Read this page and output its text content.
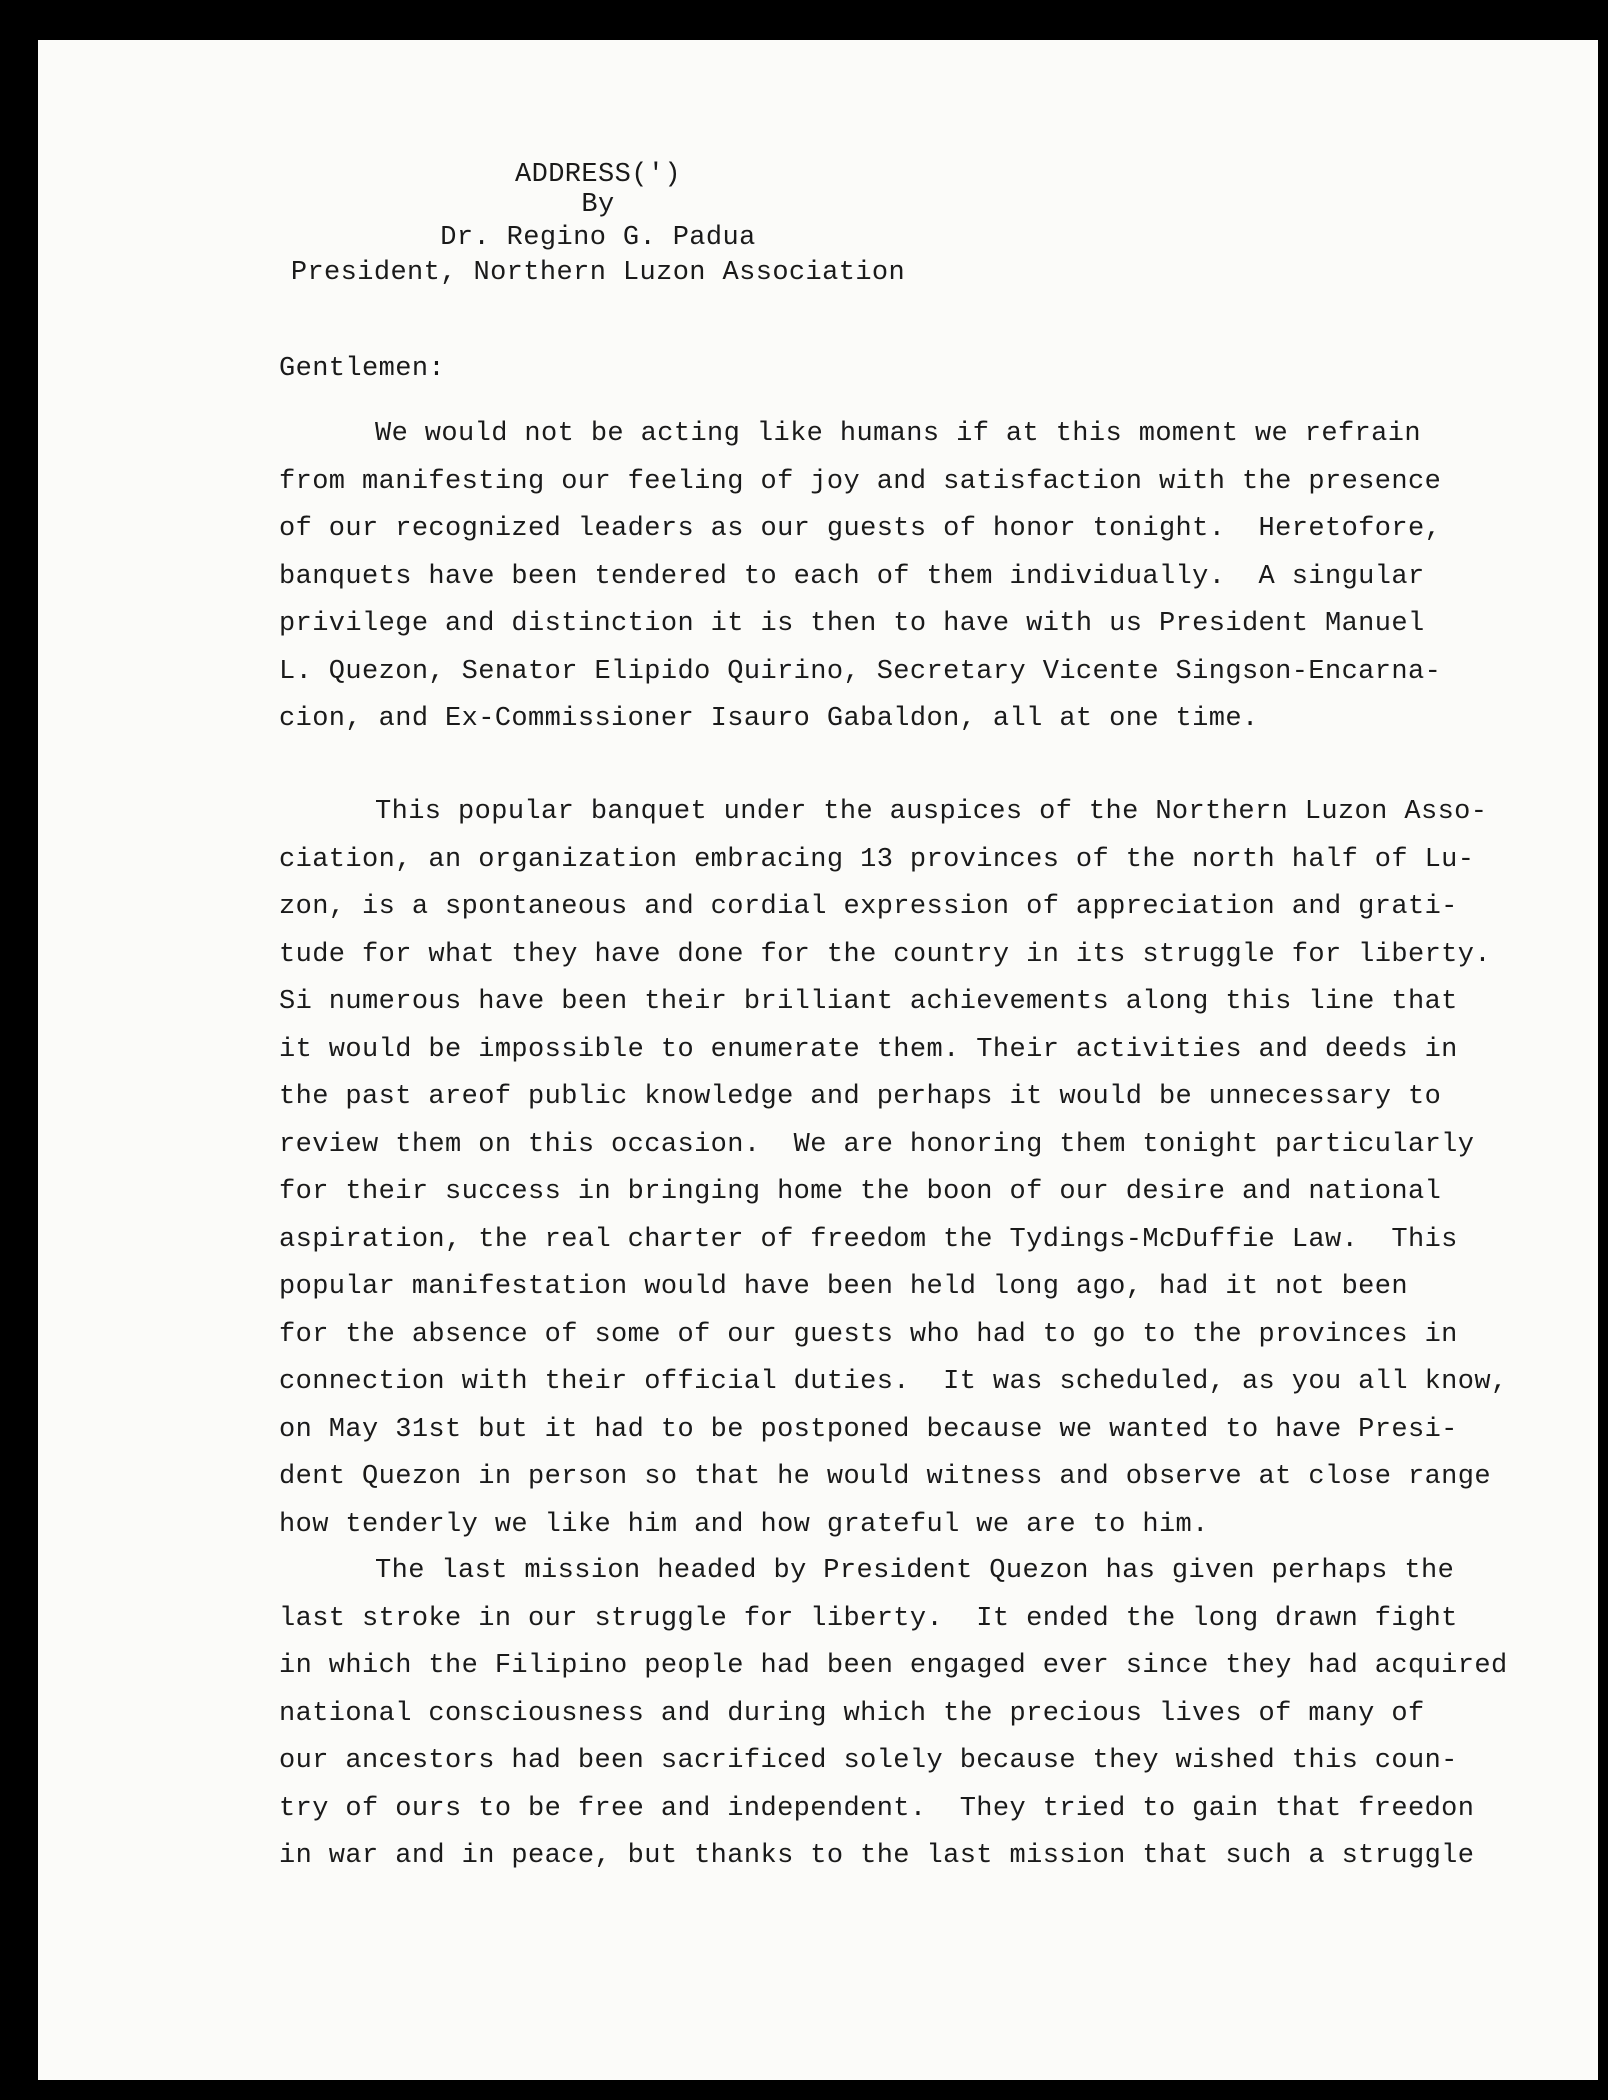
ADDRESS(')
By
Dr. Regino G. Padua
President, Northern Luzon Association
Gentlemen:
We would not be acting like humans if at this moment we refrain
from manifesting our feeling of joy and satisfaction with the presence
of our recognized leaders as our guests of honor tonight.  Heretofore,
banquets have been tendered to each of them individually.  A singular
privilege and distinction it is then to have with us President Manuel
L. Quezon, Senator Elipido Quirino, Secretary Vicente Singson-Encarna-
cion, and Ex-Commissioner Isauro Gabaldon, all at one time.
This popular banquet under the auspices of the Northern Luzon Asso-
ciation, an organization embracing 13 provinces of the north half of Lu-
zon, is a spontaneous and cordial expression of appreciation and grati-
tude for what they have done for the country in its struggle for liberty.
Si numerous have been their brilliant achievements along this line that
it would be impossible to enumerate them. Their activities and deeds in
the past areof public knowledge and perhaps it would be unnecessary to
review them on this occasion.  We are honoring them tonight particularly
for their success in bringing home the boon of our desire and national
aspiration, the real charter of freedom the Tydings-McDuffie Law.  This
popular manifestation would have been held long ago, had it not been
for the absence of some of our guests who had to go to the provinces in
connection with their official duties.  It was scheduled, as you all know,
on May 31st but it had to be postponed because we wanted to have Presi-
dent Quezon in person so that he would witness and observe at close range
how tenderly we like him and how grateful we are to him.
The last mission headed by President Quezon has given perhaps the
last stroke in our struggle for liberty.  It ended the long drawn fight
in which the Filipino people had been engaged ever since they had acquired
national consciousness and during which the precious lives of many of
our ancestors had been sacrificed solely because they wished this coun-
try of ours to be free and independent.  They tried to gain that freedon
in war and in peace, but thanks to the last mission that such a struggle
